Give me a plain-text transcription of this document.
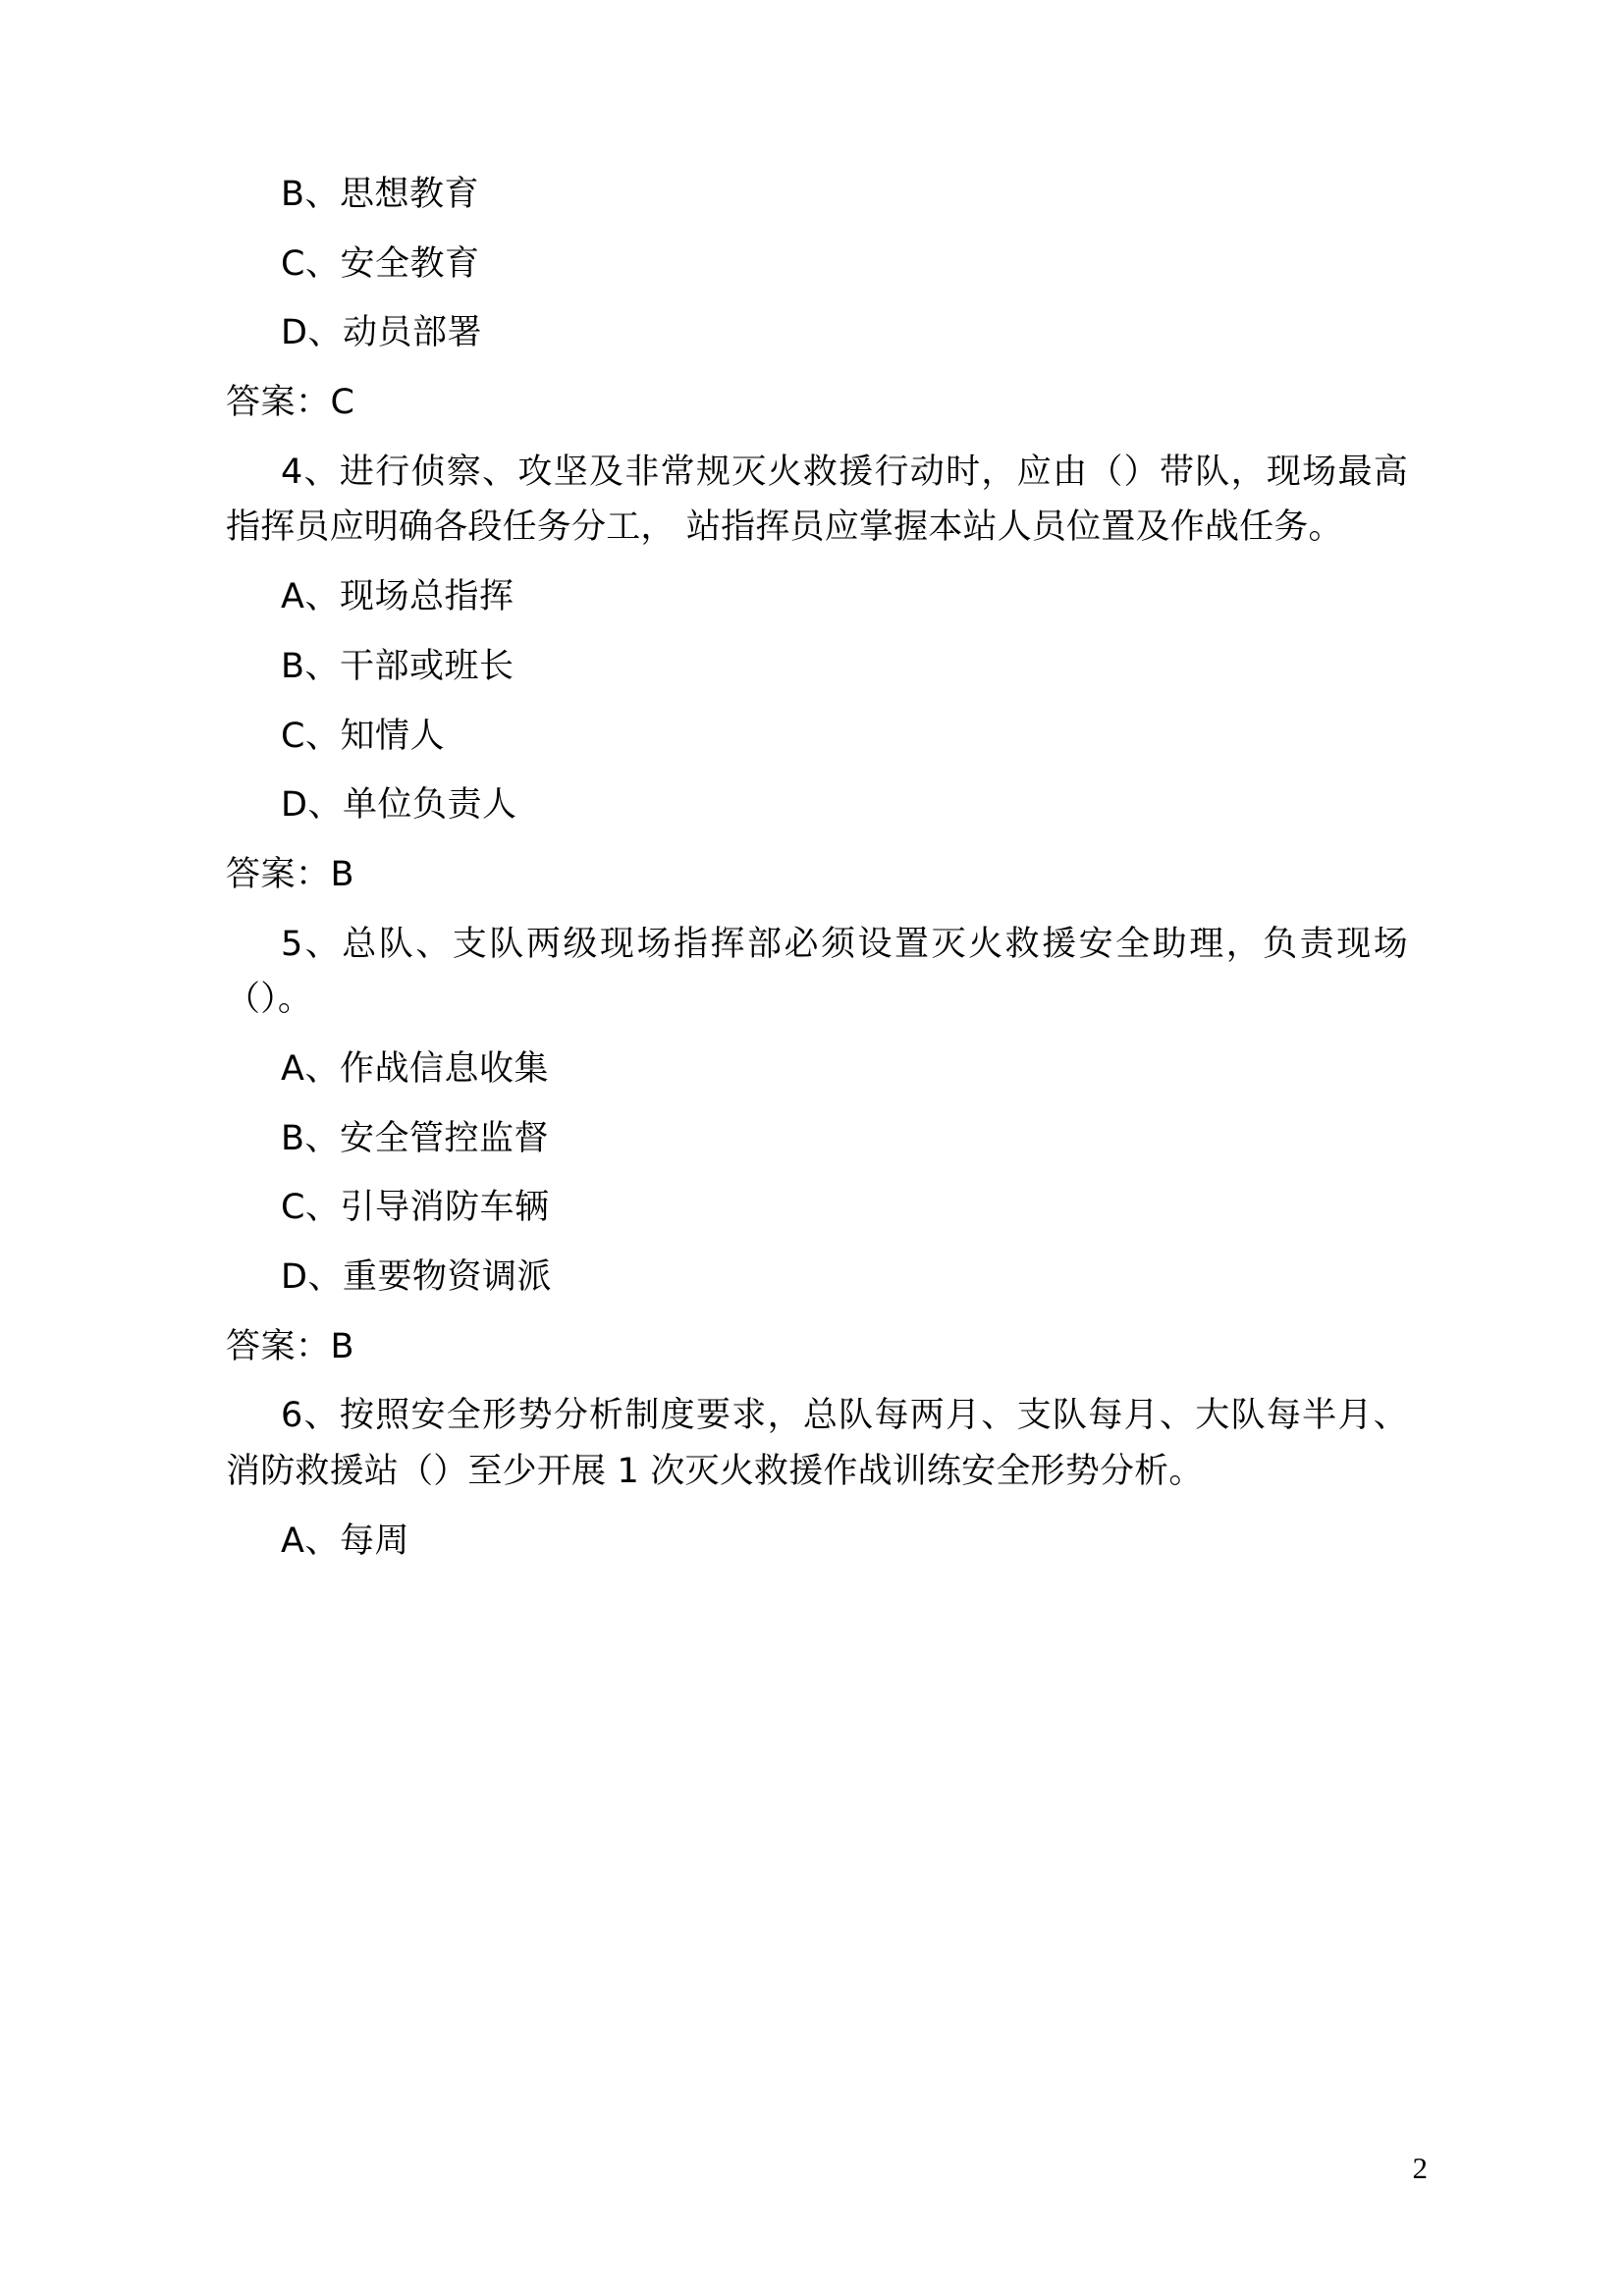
B、思想教育

C、安全教育

D、动员部署

答案：C

4、进行侦察、攻坚及非常规灭火救援行动时，应由（）带队，现场最高指挥员应明确各段任务分工， 站指挥员应掌握本站人员位置及作战任务。

A、现场总指挥

B、干部或班长

C、知情人

D、单位负责人

答案：B

5、总队、支队两级现场指挥部必须设置灭火救援安全助理，负责现场（）。

A、作战信息收集

B、安全管控监督

C、引导消防车辆

D、重要物资调派

答案：B

6、按照安全形势分析制度要求，总队每两月、支队每月、大队每半月、消防救援站（）至少开展 1 次灭火救援作战训练安全形势分析。

A、每周

2
